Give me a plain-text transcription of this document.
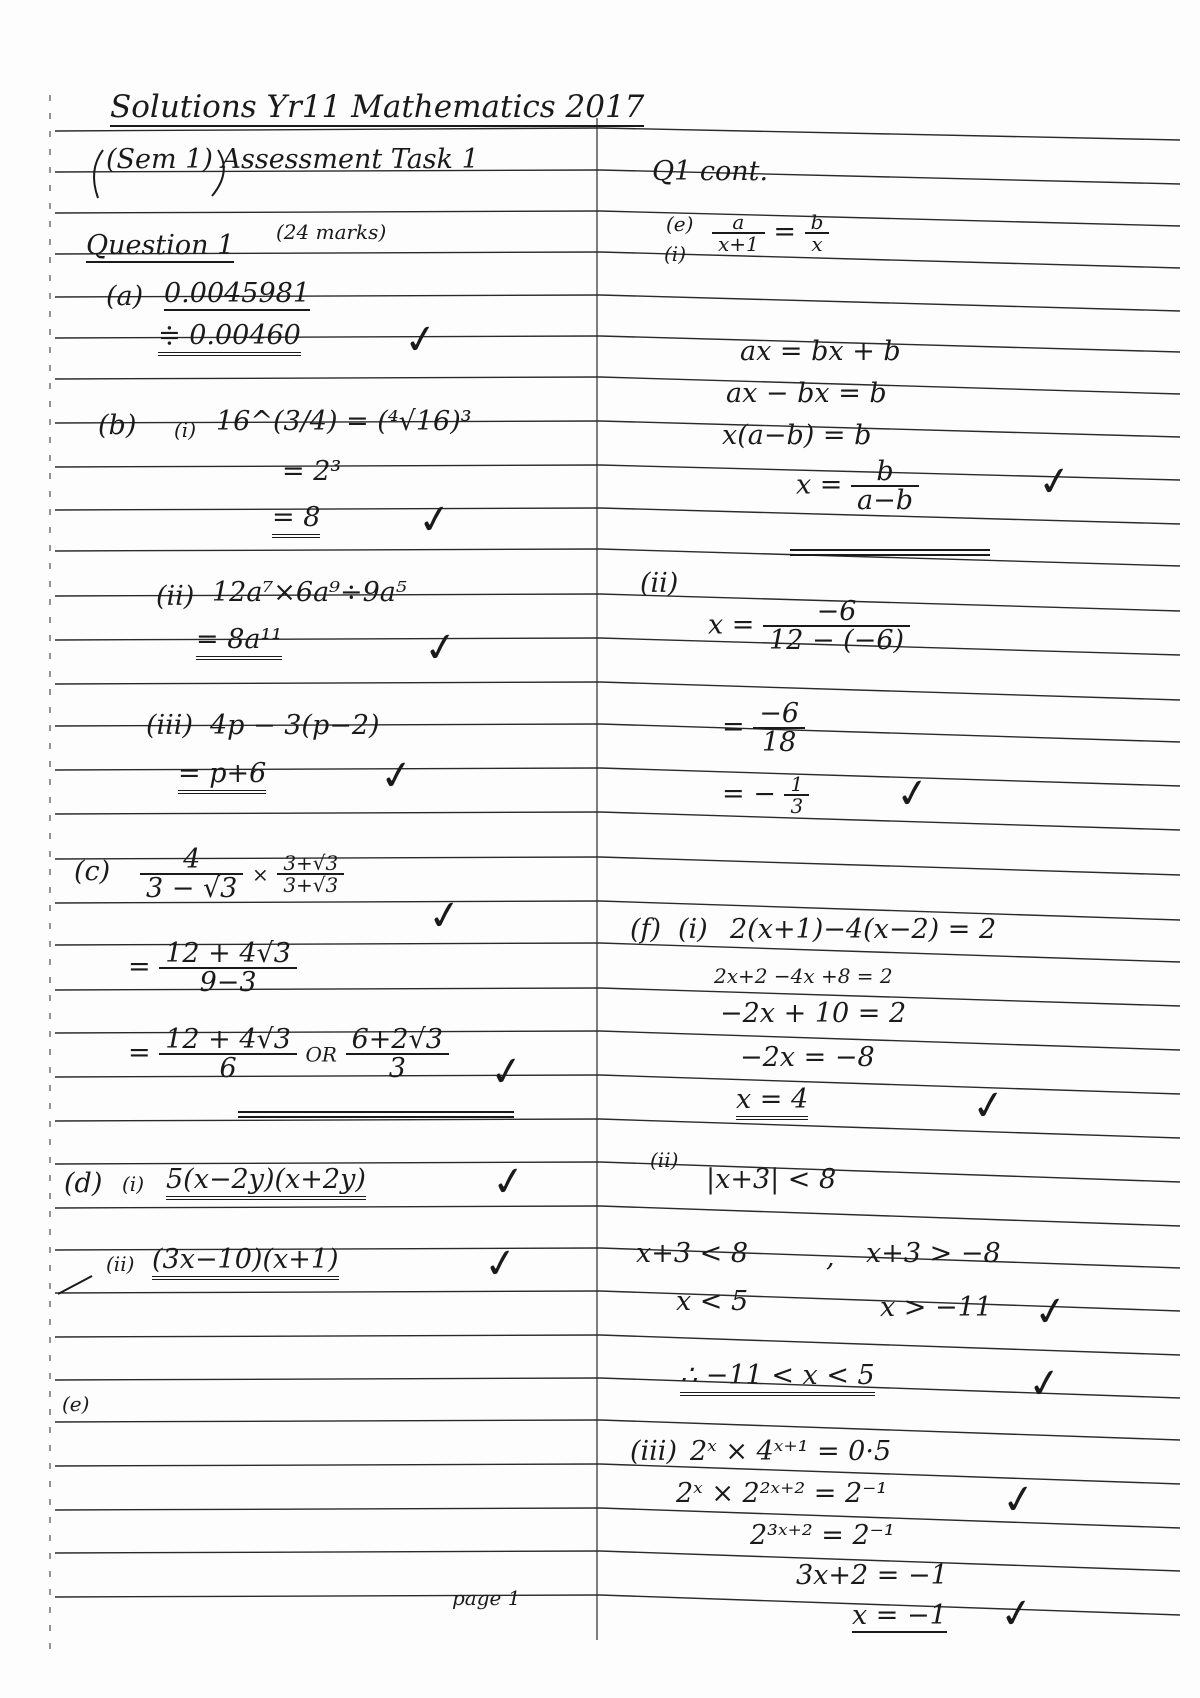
Solutions Yr11 Mathematics 2017
(Sem 1) Assessment Task 1	Q1 cont.
Question 1 (24 marks)
(a) 0.0045981
≑ 0.00460	✓
(b) (i) 16^(3/4) = (⁴√16)³
= 2³
= 8 ✓
(ii) 12a⁷×6a⁹÷9a⁵
= 8a¹¹	✓
(iii) 4p − 3(p−2)
= p+6	✓
$(c) \frac{4}{3 - √3} \times \frac{3+√3}{3+√3}$
✓
= $\frac{12 + 4√3}{9-3}$
= $\frac{12 + 4√3}{6}$ OR $\frac{6+2√3}{3}$ ✓
(d) (i) 5(x−2y)(x+2y)	✓
(ii) (3x−10)(x+1)	✓
(e)
page 1
(e)
$(i) \frac{a}{x+1} = \frac{b}{x}$
ax = bx + b
ax − bx = b
x(a−b) = b
$x = \frac{b}{a-b}$	✓
(ii)
$x = \frac{-6}{12 - (-6)}$
= $\frac{-6}{18}$
= − $\frac{1}{3}$ ✓
(f) (i) 2(x+1)−4(x−2) = 2
2x+2 −4x +8 = 2
−2x + 10 = 2
−2x = −8
x = 4	✓
(ii)
|x+3| < 8
x+3 < 8	, x+3 > −8
x < 5	x > −11 ✓
∴ −11 < x < 5	✓
(iii) 2ˣ × 4ˣ⁺¹ = 0·5
2ˣ × 2²ˣ⁺² = 2⁻¹	✓
2³ˣ⁺² = 2⁻¹
3x+2 = −1
x = −1 ✓
